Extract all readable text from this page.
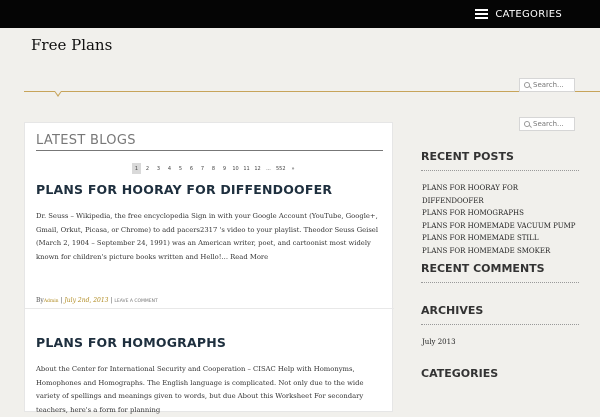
CATEGORIES
Free Plans
Search...
Search...
LATEST BLOGS
1	2	3	4	5	6	7	8	9	10 11 12	...	552	»
PLANS FOR HOORAY FOR DIFFENDOOFER
Dr. Seuss – Wikipedia, the free encyclopedia Sign in with your Google Account (YouTube, Google+, Gmail, Orkut, Picasa, or Chrome) to add pacers2317 's video to your playlist. Theodor Seuss Geisel (March 2, 1904 – September 24, 1991) was an American writer, poet, and cartoonist most widely known for children's picture books written and Hello!... Read More
ByAdmin | July 2nd, 2013 | LEAVE A COMMENT
PLANS FOR HOMOGRAPHS
About the Center for International Security and Cooperation – CISAC Help with Homonyms, Homophones and Homographs. The English language is complicated. Not only due to the wide variety of spellings and meanings given to words, but due About this Worksheet For secondary teachers, here's a form for planning
RECENT POSTS
PLANS FOR HOORAY FOR DIFFENDOOFER
PLANS FOR HOMOGRAPHS
PLANS FOR HOMEMADE VACUUM PUMP
PLANS FOR HOMEMADE STILL
PLANS FOR HOMEMADE SMOKER
RECENT COMMENTS
ARCHIVES
July 2013
CATEGORIES
